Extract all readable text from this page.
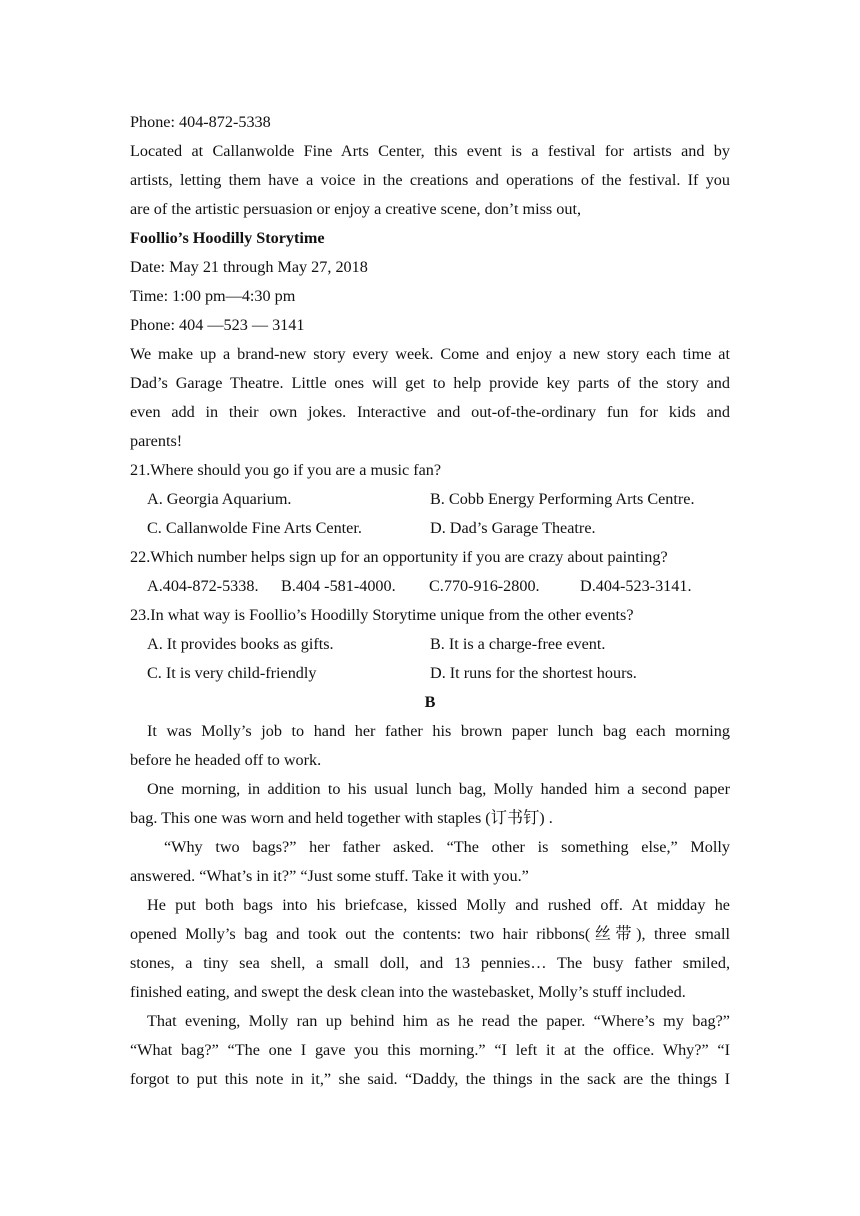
Phone: 404-872-5338
Located at Callanwolde Fine Arts Center, this event is a festival for artists and by
artists, letting them have a voice in the creations and operations of the festival. If you
are of the artistic persuasion or enjoy a creative scene, don’t miss out,
Foollio’s Hoodilly Storytime
Date: May 21 through May 27, 2018
Time: 1:00 pm—4:30 pm
Phone: 404 —523 — 3141
We make up a brand-new story every week. Come and enjoy a new story each time at
Dad’s Garage Theatre. Little ones will get to help provide key parts of the story and
even add in their own jokes. Interactive and out-of-the-ordinary fun for kids and
parents!
21.Where should you go if you are a music fan?
A. Georgia Aquarium.	B. Cobb Energy Performing Arts Centre.
C. Callanwolde Fine Arts Center.	D. Dad’s Garage Theatre.
22.Which number helps sign up for an opportunity if you are crazy about painting?
A.404-872-5338.	B.404 -581-4000.	C.770-916-2800.	D.404-523-3141.
23.In what way is Foollio’s Hoodilly Storytime unique from the other events?
A. It provides books as gifts.	B. It is a charge-free event.
C. It is very child-friendly	D. It runs for the shortest hours.
B
It was Molly’s job to hand her father his brown paper lunch bag each morning
before he headed off to work.
One morning, in addition to his usual lunch bag, Molly handed him a second paper
bag. This one was worn and held together with staples (订书钉) .
“Why two bags?” her father asked. “The other is something else,” Molly
answered. “What’s in it?” “Just some stuff. Take it with you.”
He put both bags into his briefcase, kissed Molly and rushed off. At midday he
opened Molly’s bag and took out the contents: two hair ribbons(丝带), three small
stones, a tiny sea shell, a small doll, and 13 pennies… The busy father smiled,
finished eating, and swept the desk clean into the wastebasket, Molly’s stuff included.
That evening, Molly ran up behind him as he read the paper. “Where’s my bag?”
“What bag?” “The one I gave you this morning.” “I left it at the office. Why?” “I
forgot to put this note in it,” she said. “Daddy, the things in the sack are the things I
